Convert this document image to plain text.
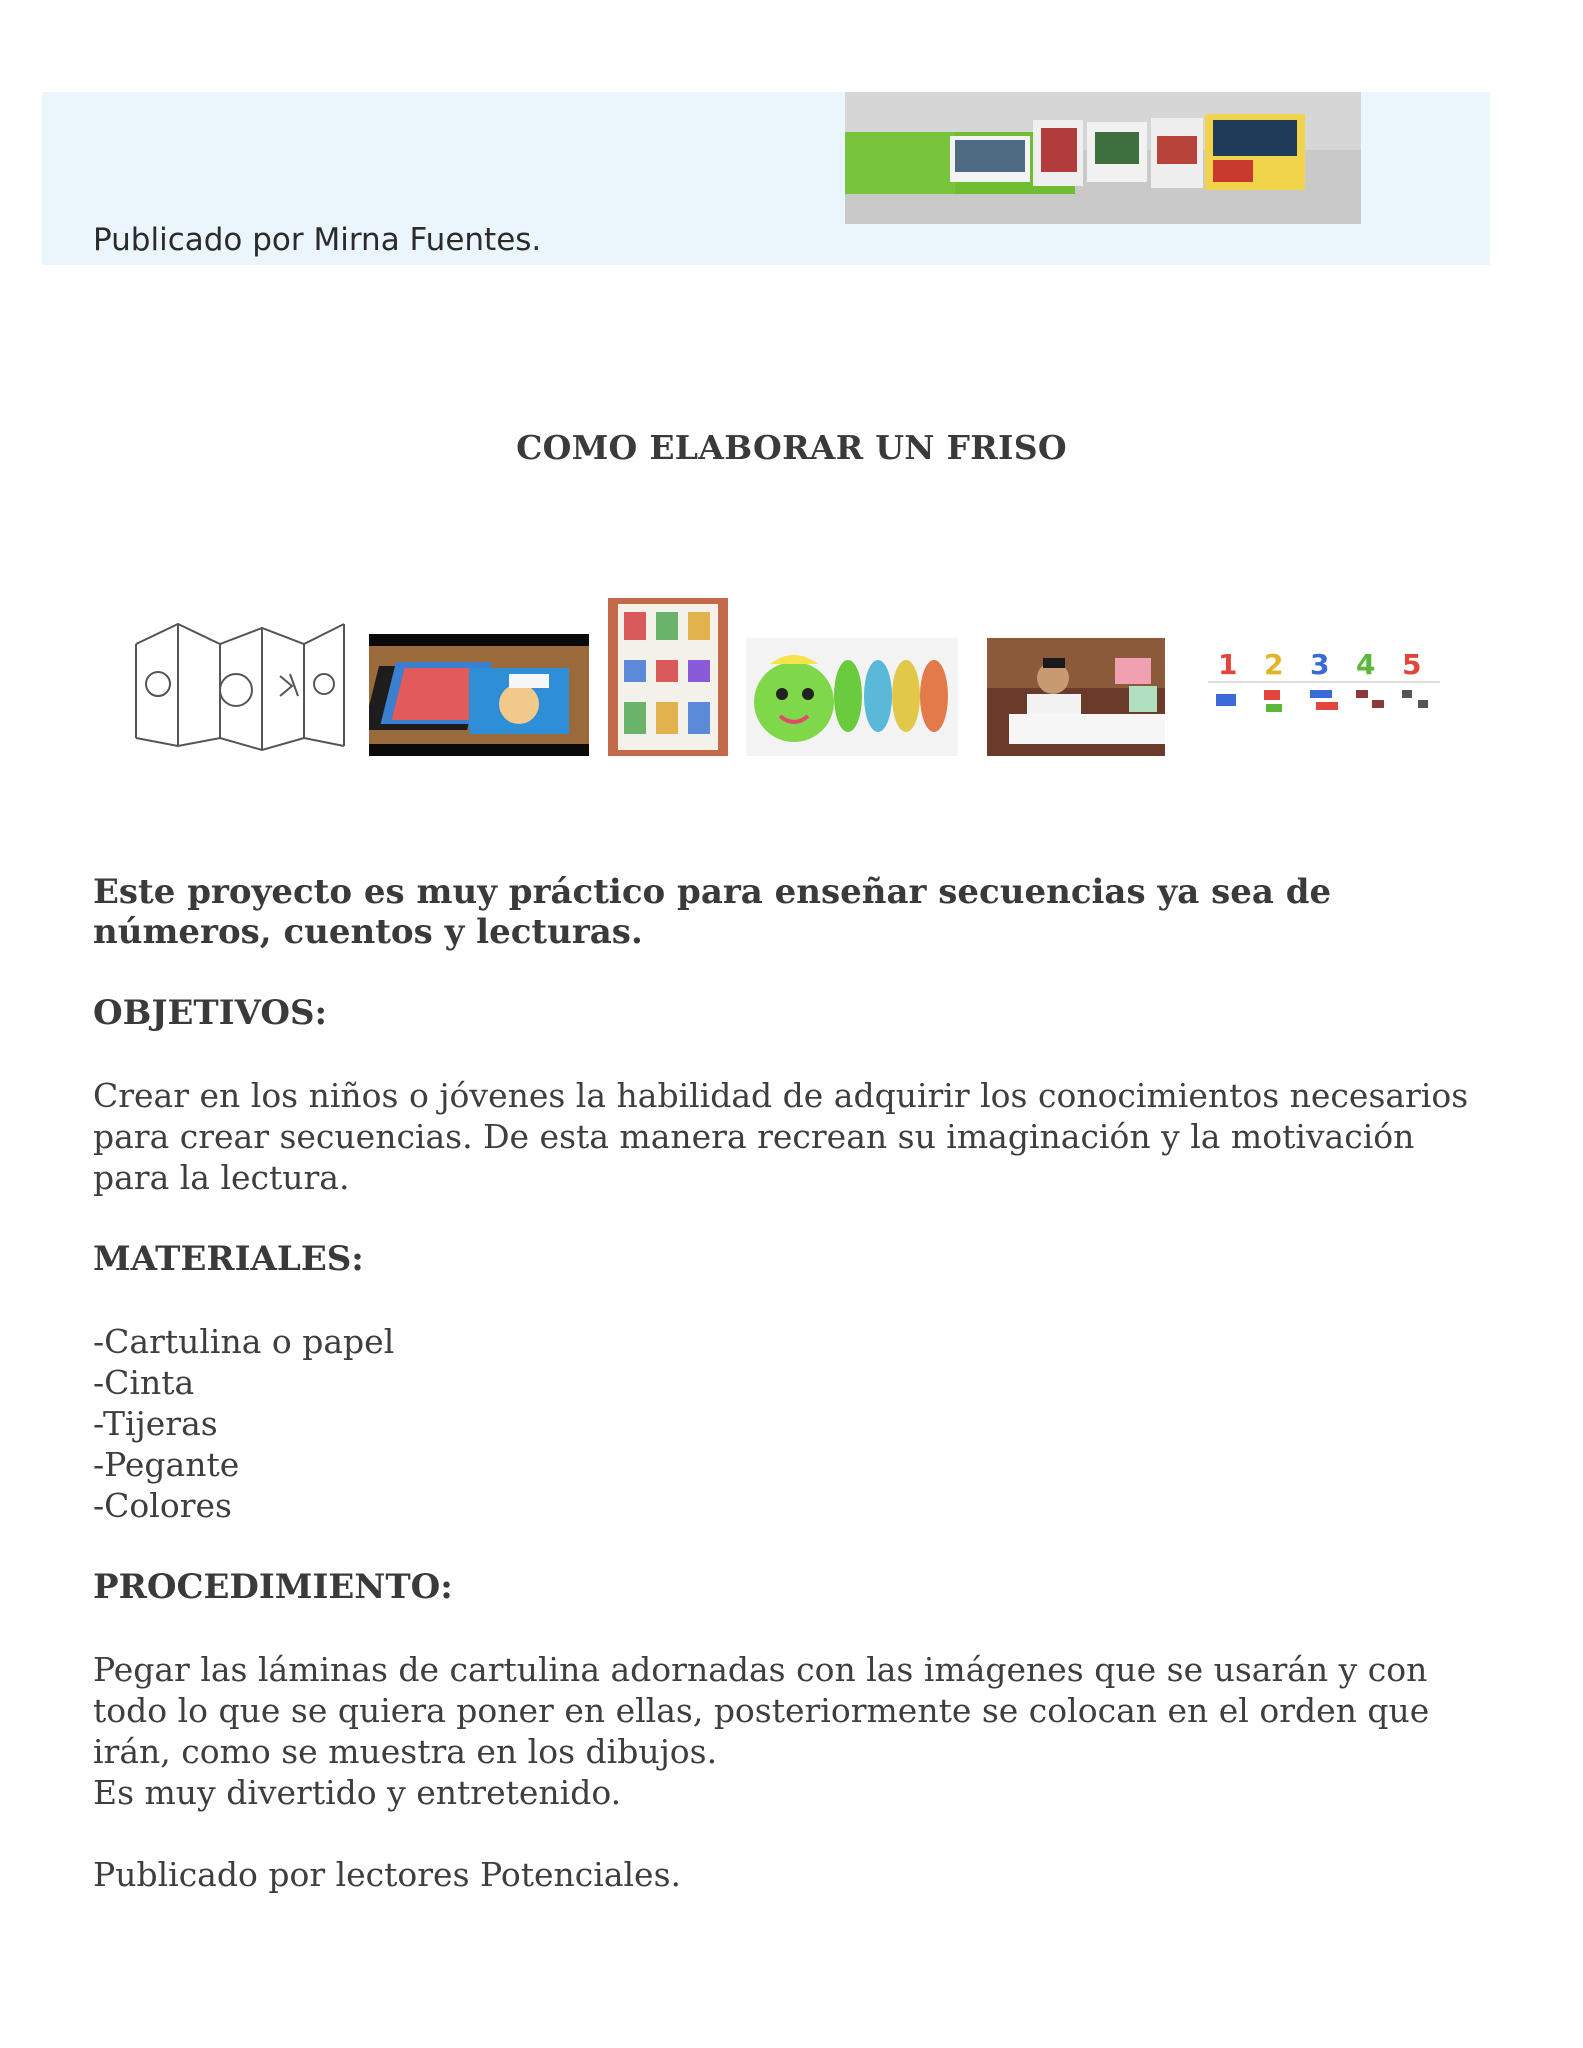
Publicado por Mirna Fuentes.
COMO ELABORAR UN FRISO
1 2 3 4 5

Este proyecto es muy práctico para enseñar secuencias ya sea de números, cuentos y lecturas.

OBJETIVOS:

Crear en los niños o jóvenes la habilidad de adquirir los conocimientos necesarios para crear secuencias. De esta manera recrean su imaginación y la motivación para la lectura.

MATERIALES:

-Cartulina o papel
-Cinta
-Tijeras
-Pegante
-Colores

PROCEDIMIENTO:

Pegar las láminas de cartulina adornadas con las imágenes que se usarán y con todo lo que se quiera poner en ellas, posteriormente se colocan en el orden que irán, como se muestra en los dibujos.

Es muy divertido y entretenido.

Publicado por lectores Potenciales.
